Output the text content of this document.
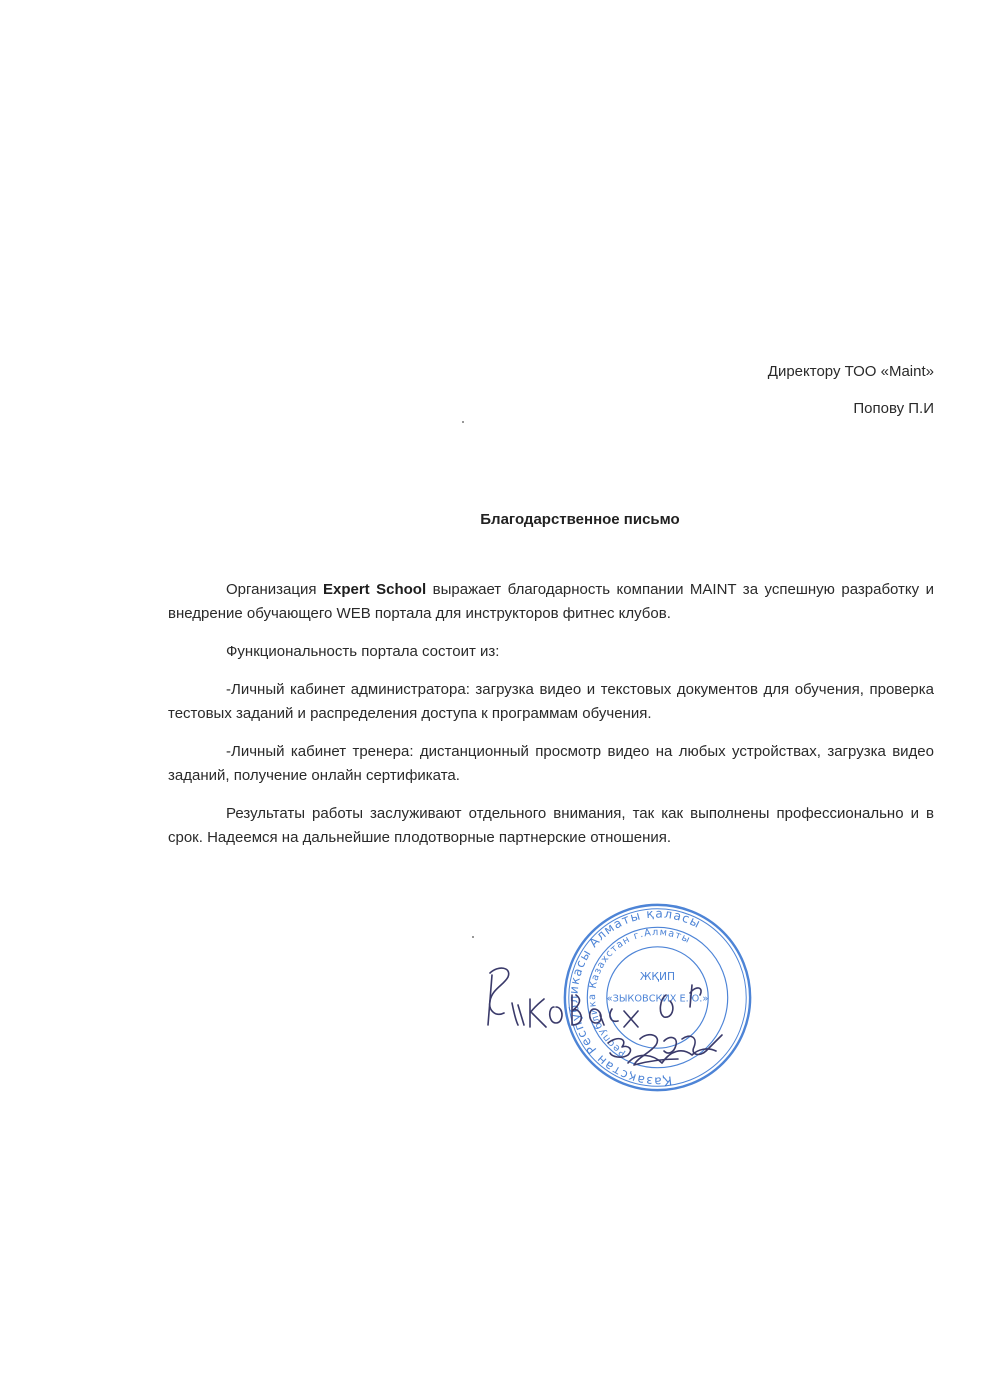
Директору ТОО «Maint»
Попову П.И
Благодарственное письмо

Организация Expert School выражает благодарность компании MAINT за успешную разработку и внедрение обучающего WEB портала для инструкторов фитнес клубов.

Функциональность портала состоит из:

-Личный кабинет администратора: загрузка видео и текстовых документов для обучения, проверка тестовых заданий и распределения доступа к программам обучения.

-Личный кабинет тренера: дистанционный просмотр видео на любых устройствах, загрузка видео заданий, получение онлайн сертификата.

Результаты работы заслуживают отдельного внимания, так как выполнены профессионально и в срок. Надеемся на дальнейшие плодотворные партнерские отношения.

Қазақстан Республикасы Алматы қаласы
Республика Казахстан г.Алматы
ЖҚИП
«ЗЫКОВСКИХ Е.Ю.»
